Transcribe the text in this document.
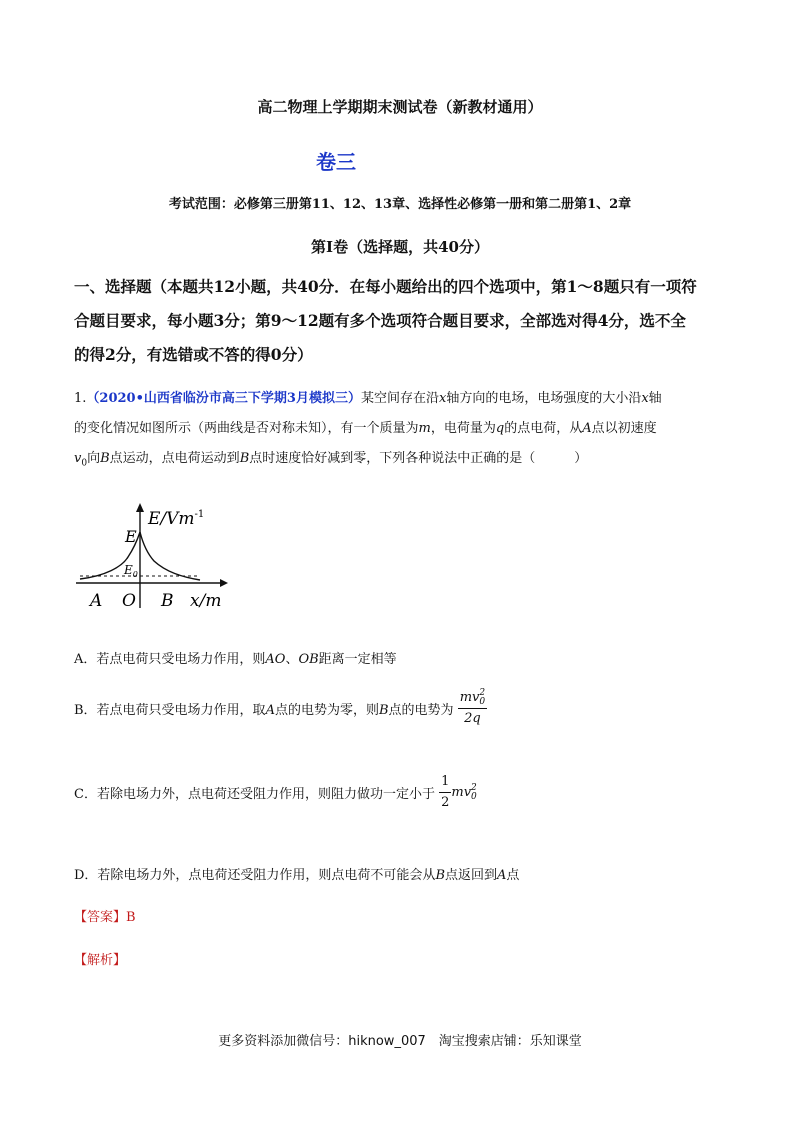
高二物理上学期期末测试卷（新教材通用）
卷三
考试范围：必修第三册第11、12、13章、选择性必修第一册和第二册第1、2章
第Ⅰ卷（选择题，共40分）
一、选择题（本题共12小题，共40分．在每小题给出的四个选项中，第1～8题只有一项符
合题目要求，每小题3分；第9～12题有多个选项符合题目要求，全部选对得4分，选不全
的得2分，有选错或不答的得0分）
1.（2020•山西省临汾市高三下学期3月模拟三）某空间存在沿x轴方向的电场，电场强度的大小沿x轴
的变化情况如图所示（两曲线是否对称未知），有一个质量为m，电荷量为q的点电荷，从A点以初速度
$v_0$向B点运动，点电荷运动到B点时速度恰好减到零，下列各种说法中正确的是（　　　）
$E/Vm^{-1}$
E
$E_0$
A O B x/m
A．若点电荷只受电场力作用，则AO、OB距离一定相等
B．若点电荷只受电场力作用，取A点的电势为零，则B点的电势为 mv 2
0
2q
C．若除电场力外，点电荷还受阻力作用，则阻力做功一定小于 $\frac{1}{2}$ mv 2
0
D．若除电场力外，点电荷还受阻力作用，则点电荷不可能会从B点返回到A点
【答案】B
【解析】
更多资料添加微信号：hiknow_007　淘宝搜索店铺：乐知课堂
